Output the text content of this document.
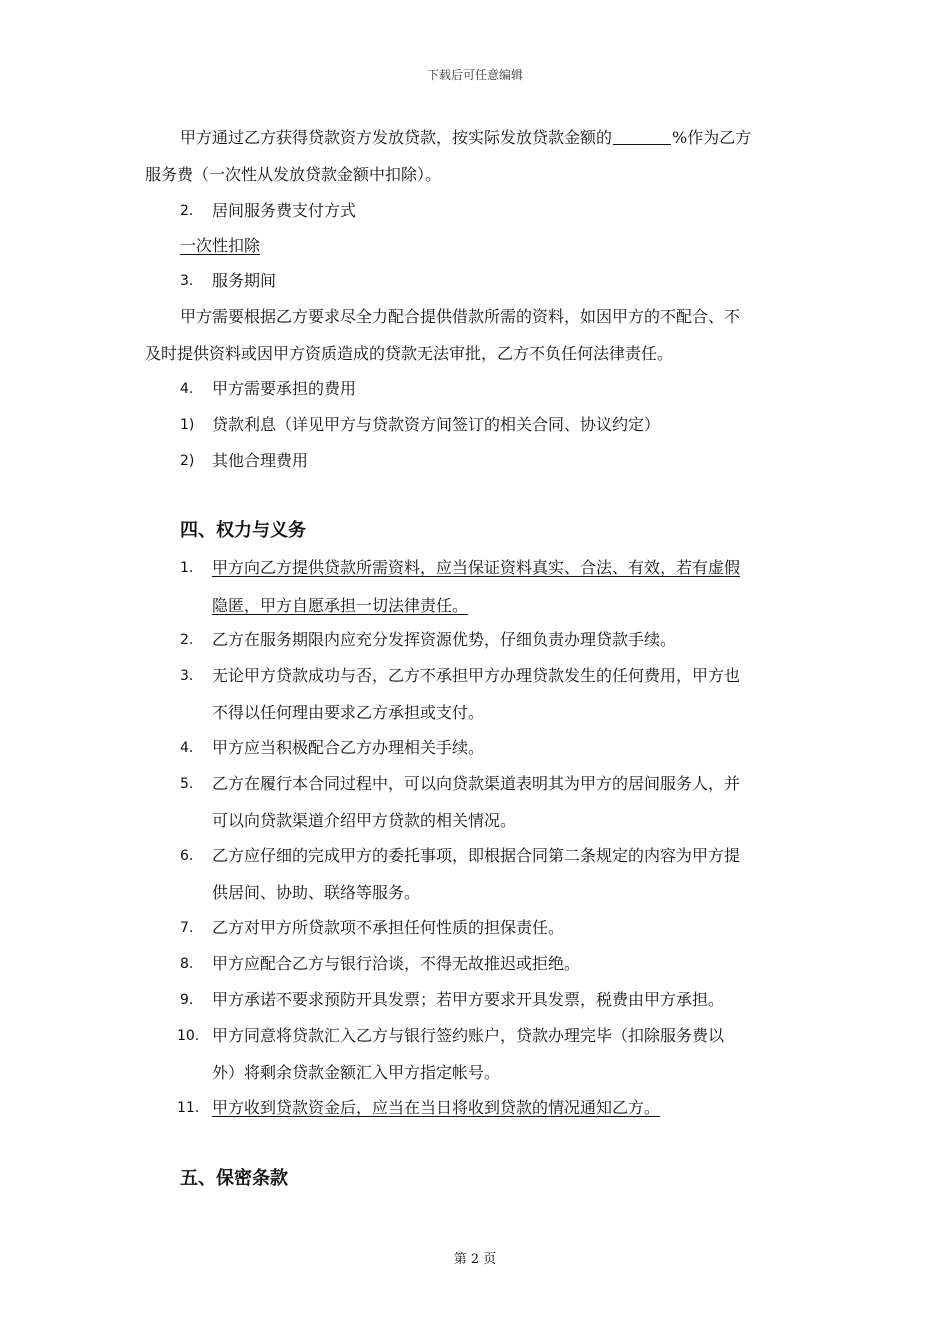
下载后可任意编辑
甲方通过乙方获得贷款资方发放贷款，按实际发放贷款金额的	%作为乙方
服务费（一次性从发放贷款金额中扣除）。
2. 居间服务费支付方式
一次性扣除
3. 服务期间
甲方需要根据乙方要求尽全力配合提供借款所需的资料，如因甲方的不配合、不
及时提供资料或因甲方资质造成的贷款无法审批，乙方不负任何法律责任。
4. 甲方需要承担的费用
1) 贷款利息（详见甲方与贷款资方间签订的相关合同、协议约定）
2) 其他合理费用
四、权力与义务
1. 甲方向乙方提供贷款所需资料，应当保证资料真实、合法、有效，若有虚假
隐匿，甲方自愿承担一切法律责任。
2. 乙方在服务期限内应充分发挥资源优势，仔细负责办理贷款手续。
3. 无论甲方贷款成功与否，乙方不承担甲方办理贷款发生的任何费用，甲方也
不得以任何理由要求乙方承担或支付。
4. 甲方应当积极配合乙方办理相关手续。
5. 乙方在履行本合同过程中，可以向贷款渠道表明其为甲方的居间服务人，并
可以向贷款渠道介绍甲方贷款的相关情况。
6. 乙方应仔细的完成甲方的委托事项，即根据合同第二条规定的内容为甲方提
供居间、协助、联络等服务。
7. 乙方对甲方所贷款项不承担任何性质的担保责任。
8. 甲方应配合乙方与银行洽谈，不得无故推迟或拒绝。
9. 甲方承诺不要求预防开具发票；若甲方要求开具发票，税费由甲方承担。
10. 甲方同意将贷款汇入乙方与银行签约账户，贷款办理完毕（扣除服务费以
外）将剩余贷款金额汇入甲方指定帐号。
11. 甲方收到贷款资金后，应当在当日将收到贷款的情况通知乙方。
五、保密条款
第 2 页
